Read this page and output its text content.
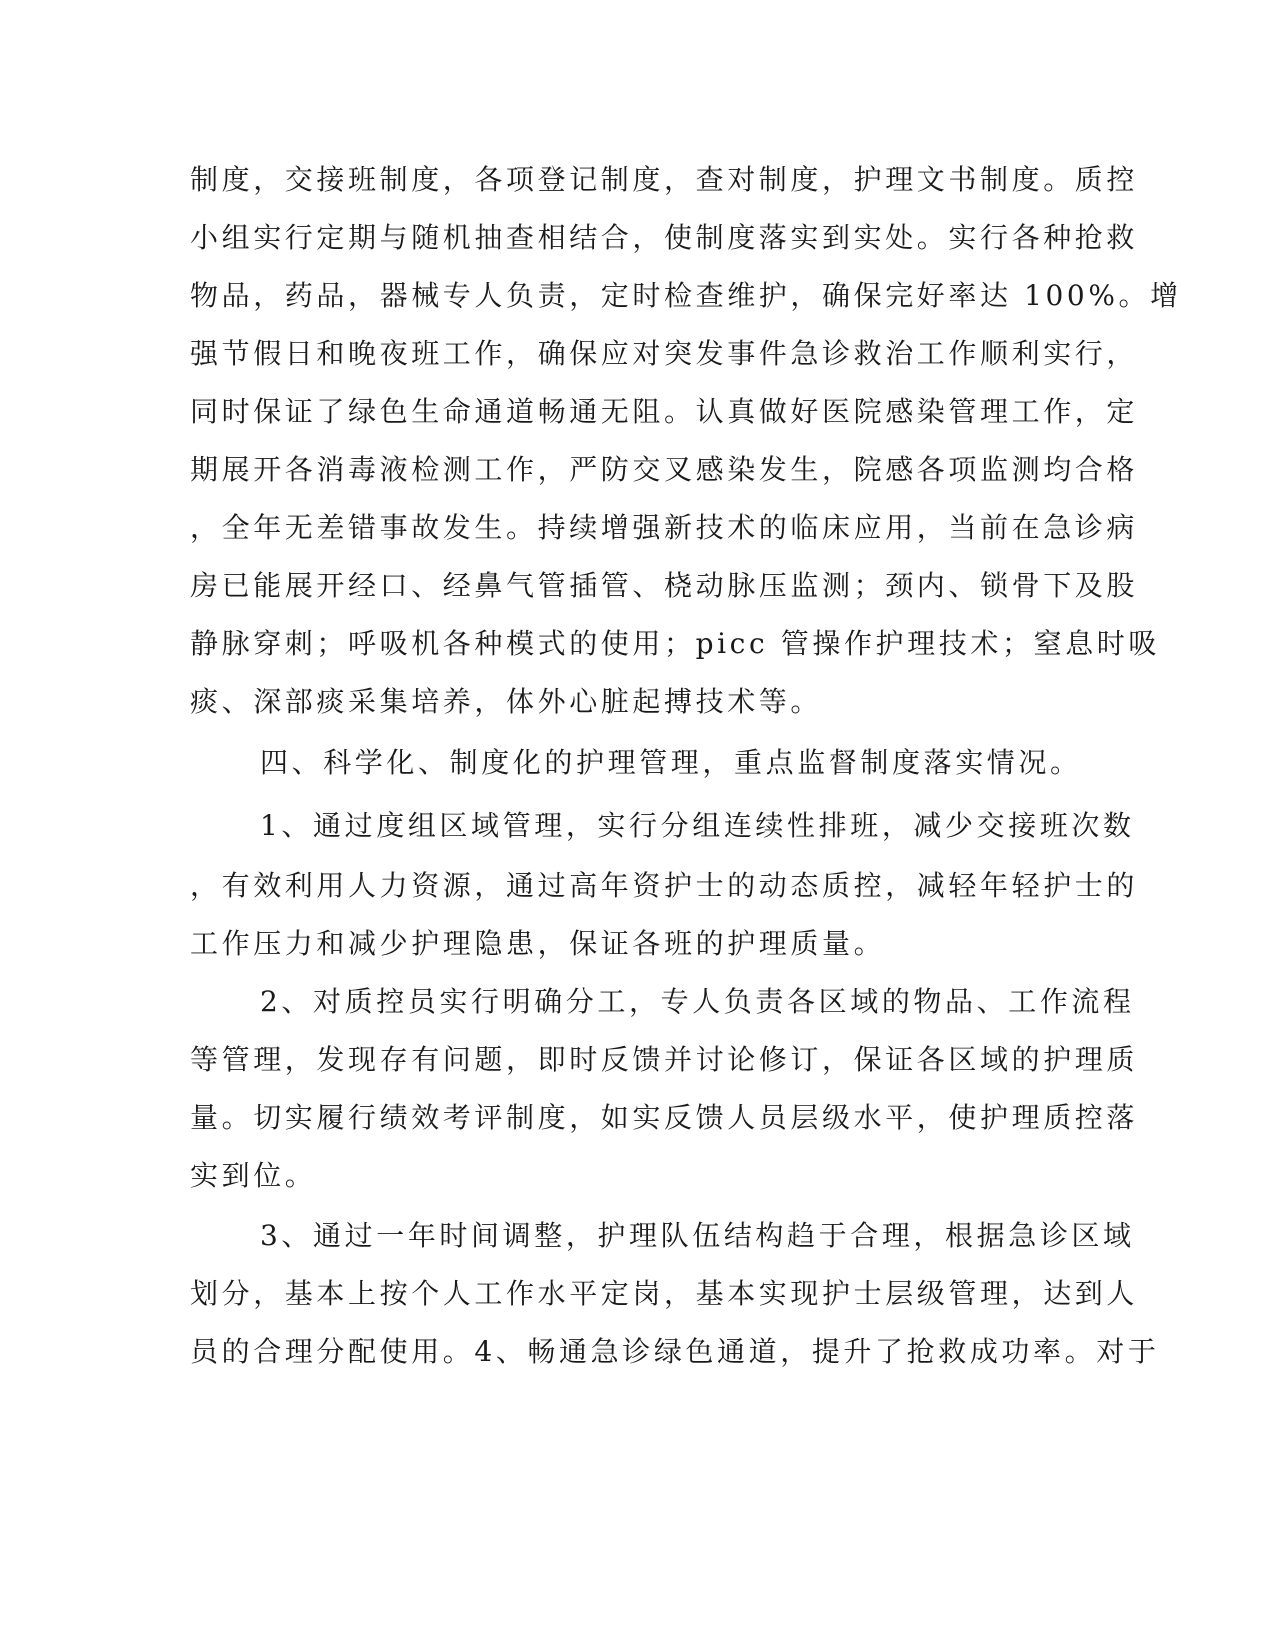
制度，交接班制度，各项登记制度，查对制度，护理文书制度。质控
小组实行定期与随机抽查相结合，使制度落实到实处。实行各种抢救
物品，药品，器械专人负责，定时检查维护，确保完好率达 100%。增
强节假日和晚夜班工作，确保应对突发事件急诊救治工作顺利实行，
同时保证了绿色生命通道畅通无阻。认真做好医院感染管理工作，定
期展开各消毒液检测工作，严防交叉感染发生，院感各项监测均合格
，全年无差错事故发生。持续增强新技术的临床应用，当前在急诊病
房已能展开经口、经鼻气管插管、桡动脉压监测；颈内、锁骨下及股
静脉穿刺；呼吸机各种模式的使用；picc 管操作护理技术；窒息时吸
痰、深部痰采集培养，体外心脏起搏技术等。
四、科学化、制度化的护理管理，重点监督制度落实情况。
1、通过度组区域管理，实行分组连续性排班，减少交接班次数
，有效利用人力资源，通过高年资护士的动态质控，减轻年轻护士的
工作压力和减少护理隐患，保证各班的护理质量。
2、对质控员实行明确分工，专人负责各区域的物品、工作流程
等管理，发现存有问题，即时反馈并讨论修订，保证各区域的护理质
量。切实履行绩效考评制度，如实反馈人员层级水平，使护理质控落
实到位。
3、通过一年时间调整，护理队伍结构趋于合理，根据急诊区域
划分，基本上按个人工作水平定岗，基本实现护士层级管理，达到人
员的合理分配使用。4、畅通急诊绿色通道，提升了抢救成功率。对于
